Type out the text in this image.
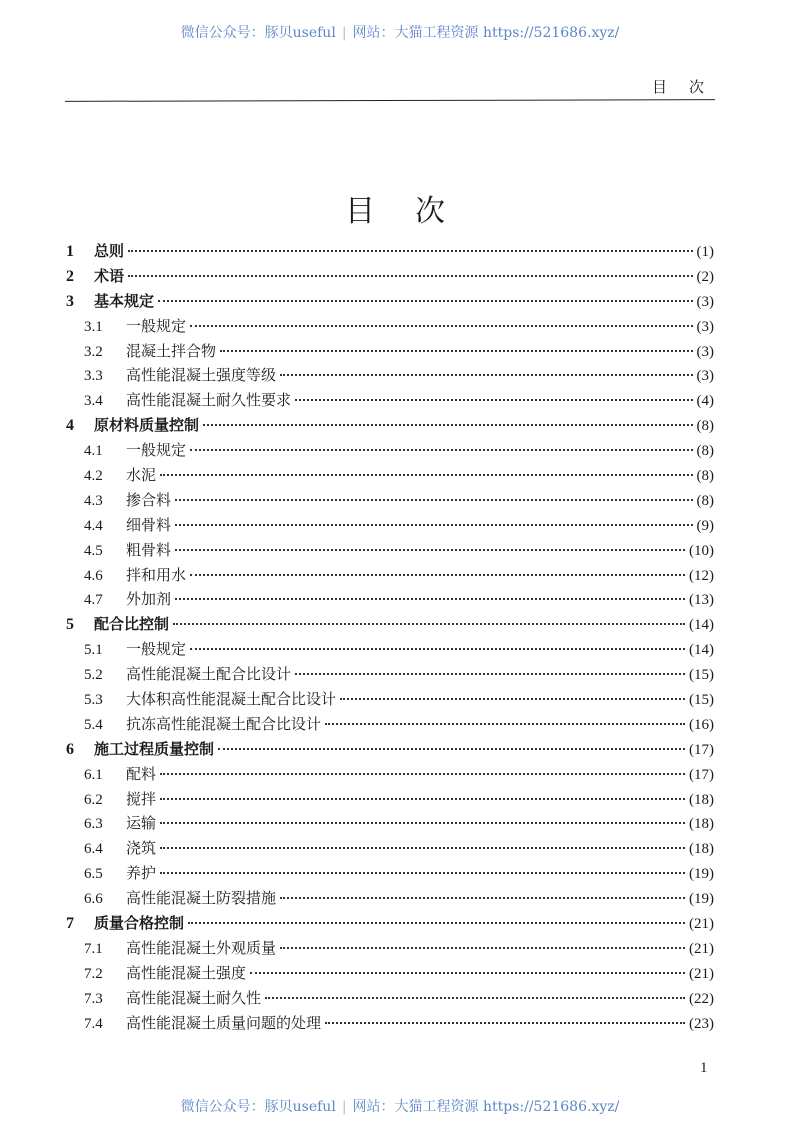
微信公众号：豚贝useful | 网站：大猫工程资源 https://521686.xyz/
目次
目次
1	总则	(1)
2	术语	(2)
3	基本规定	(3)
3.1	一般规定	(3)
3.2	混凝土拌合物	(3)
3.3	高性能混凝土强度等级	(3)
3.4	高性能混凝土耐久性要求	(4)
4	原材料质量控制	(8)
4.1	一般规定	(8)
4.2	水泥	(8)
4.3	掺合料	(8)
4.4	细骨料	(9)
4.5	粗骨料	(10)
4.6	拌和用水	(12)
4.7	外加剂	(13)
5	配合比控制	(14)
5.1	一般规定	(14)
5.2	高性能混凝土配合比设计	(15)
5.3	大体积高性能混凝土配合比设计	(15)
5.4	抗冻高性能混凝土配合比设计	(16)
6	施工过程质量控制	(17)
6.1	配料	(17)
6.2	搅拌	(18)
6.3	运输	(18)
6.4	浇筑	(18)
6.5	养护	(19)
6.6	高性能混凝土防裂措施	(19)
7	质量合格控制	(21)
7.1	高性能混凝土外观质量	(21)
7.2	高性能混凝土强度	(21)
7.3	高性能混凝土耐久性	(22)
7.4	高性能混凝土质量问题的处理	(23)
1
微信公众号：豚贝useful | 网站：大猫工程资源 https://521686.xyz/
